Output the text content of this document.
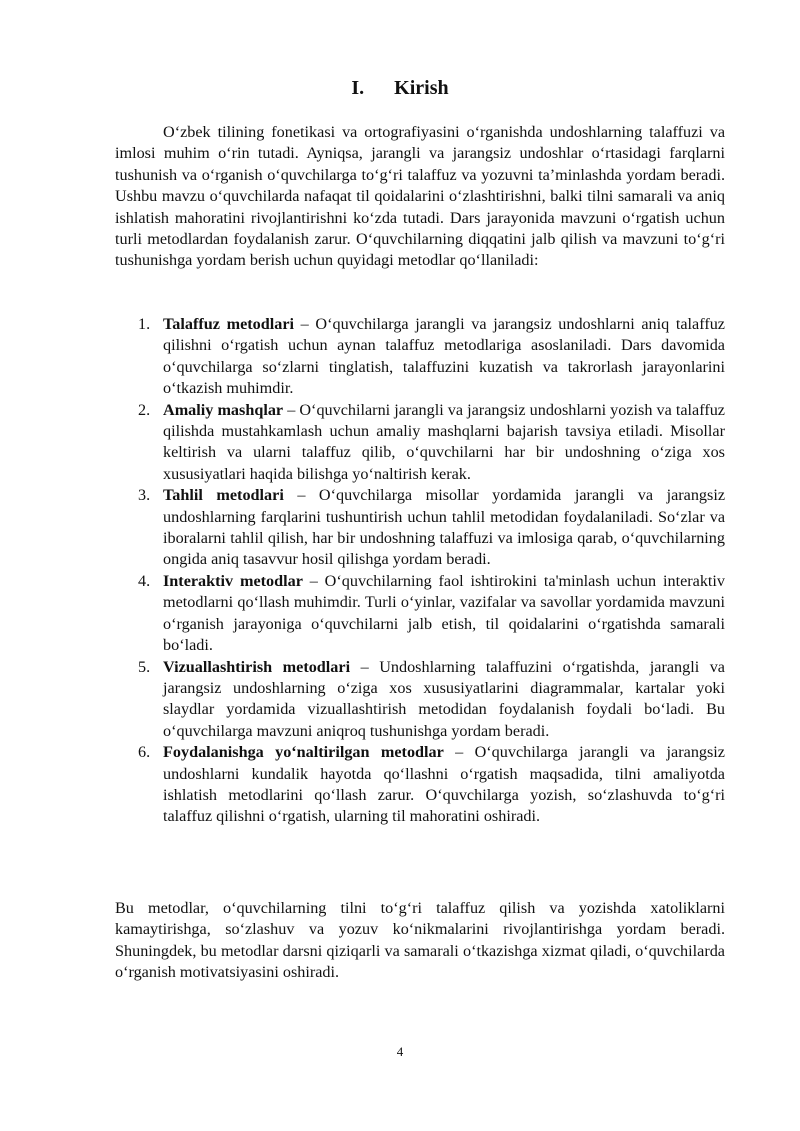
I. Kirish

O‘zbek tilining fonetikasi va ortografiyasini o‘rganishda undoshlarning talaffuzi va imlosi muhim o‘rin tutadi. Ayniqsa, jarangli va jarangsiz undoshlar o‘rtasidagi farqlarni tushunish va o‘rganish o‘quvchilarga to‘g‘ri talaffuz va yozuvni ta’minlashda yordam beradi. Ushbu mavzu o‘quvchilarda nafaqat til qoidalarini o‘zlashtirishni, balki tilni samarali va aniq ishlatish mahoratini rivojlantirishni ko‘zda tutadi. Dars jarayonida mavzuni o‘rgatish uchun turli metodlardan foydalanish zarur. O‘quvchilarning diqqatini jalb qilish va mavzuni to‘g‘ri tushunishga yordam berish uchun quyidagi metodlar qo‘llaniladi:

1. Talaffuz metodlari – O‘quvchilarga jarangli va jarangsiz undoshlarni aniq talaffuz qilishni o‘rgatish uchun aynan talaffuz metodlariga asoslaniladi. Dars davomida o‘quvchilarga so‘zlarni tinglatish, talaffuzini kuzatish va takrorlash jarayonlarini o‘tkazish muhimdir.
2. Amaliy mashqlar – O‘quvchilarni jarangli va jarangsiz undoshlarni yozish va talaffuz qilishda mustahkamlash uchun amaliy mashqlarni bajarish tavsiya etiladi. Misollar keltirish va ularni talaffuz qilib, o‘quvchilarni har bir undoshning o‘ziga xos xususiyatlari haqida bilishga yo‘naltirish kerak.
3. Tahlil metodlari – O‘quvchilarga misollar yordamida jarangli va jarangsiz undoshlarning farqlarini tushuntirish uchun tahlil metodidan foydalaniladi. So‘zlar va iboralarni tahlil qilish, har bir undoshning talaffuzi va imlosiga qarab, o‘quvchilarning ongida aniq tasavvur hosil qilishga yordam beradi.
4. Interaktiv metodlar – O‘quvchilarning faol ishtirokini ta'minlash uchun interaktiv metodlarni qo‘llash muhimdir. Turli o‘yinlar, vazifalar va savollar yordamida mavzuni o‘rganish jarayoniga o‘quvchilarni jalb etish, til qoidalarini o‘rgatishda samarali bo‘ladi.
5. Vizuallashtirish metodlari – Undoshlarning talaffuzini o‘rgatishda, jarangli va jarangsiz undoshlarning o‘ziga xos xususiyatlarini diagrammalar, kartalar yoki slaydlar yordamida vizuallashtirish metodidan foydalanish foydali bo‘ladi. Bu o‘quvchilarga mavzuni aniqroq tushunishga yordam beradi.
6. Foydalanishga yo‘naltirilgan metodlar – O‘quvchilarga jarangli va jarangsiz undoshlarni kundalik hayotda qo‘llashni o‘rgatish maqsadida, tilni amaliyotda ishlatish metodlarini qo‘llash zarur. O‘quvchilarga yozish, so‘zlashuvda to‘g‘ri talaffuz qilishni o‘rgatish, ularning til mahoratini oshiradi.

Bu metodlar, o‘quvchilarning tilni to‘g‘ri talaffuz qilish va yozishda xatoliklarni kamaytirishga, so‘zlashuv va yozuv ko‘nikmalarini rivojlantirishga yordam beradi. Shuningdek, bu metodlar darsni qiziqarli va samarali o‘tkazishga xizmat qiladi, o‘quvchilarda o‘rganish motivatsiyasini oshiradi.

4
